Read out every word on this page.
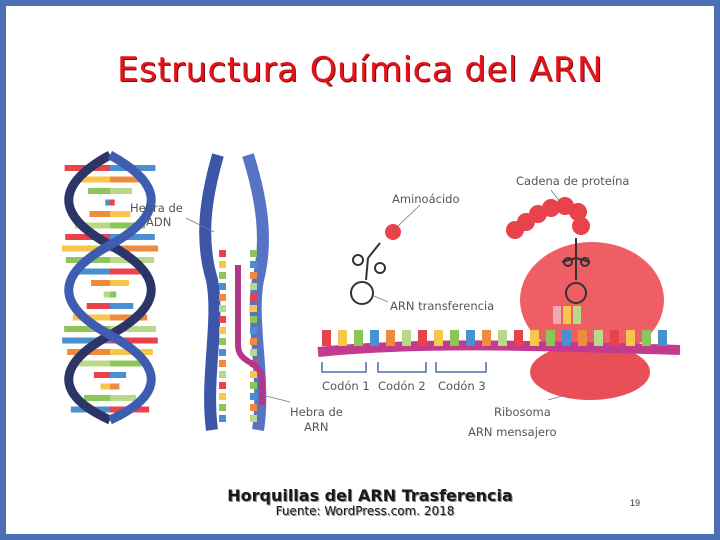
Estructura Química del ARN
Hebra de
ADN
Hebra de
ARN
Aminoácido
Cadena de proteína
ARN transferencia
Codón 1 Codón 2 Codón 3
Ribosoma
ARN mensajero
Horquillas del ARN Trasferencia
Fuente: WordPress.com. 2018
19
